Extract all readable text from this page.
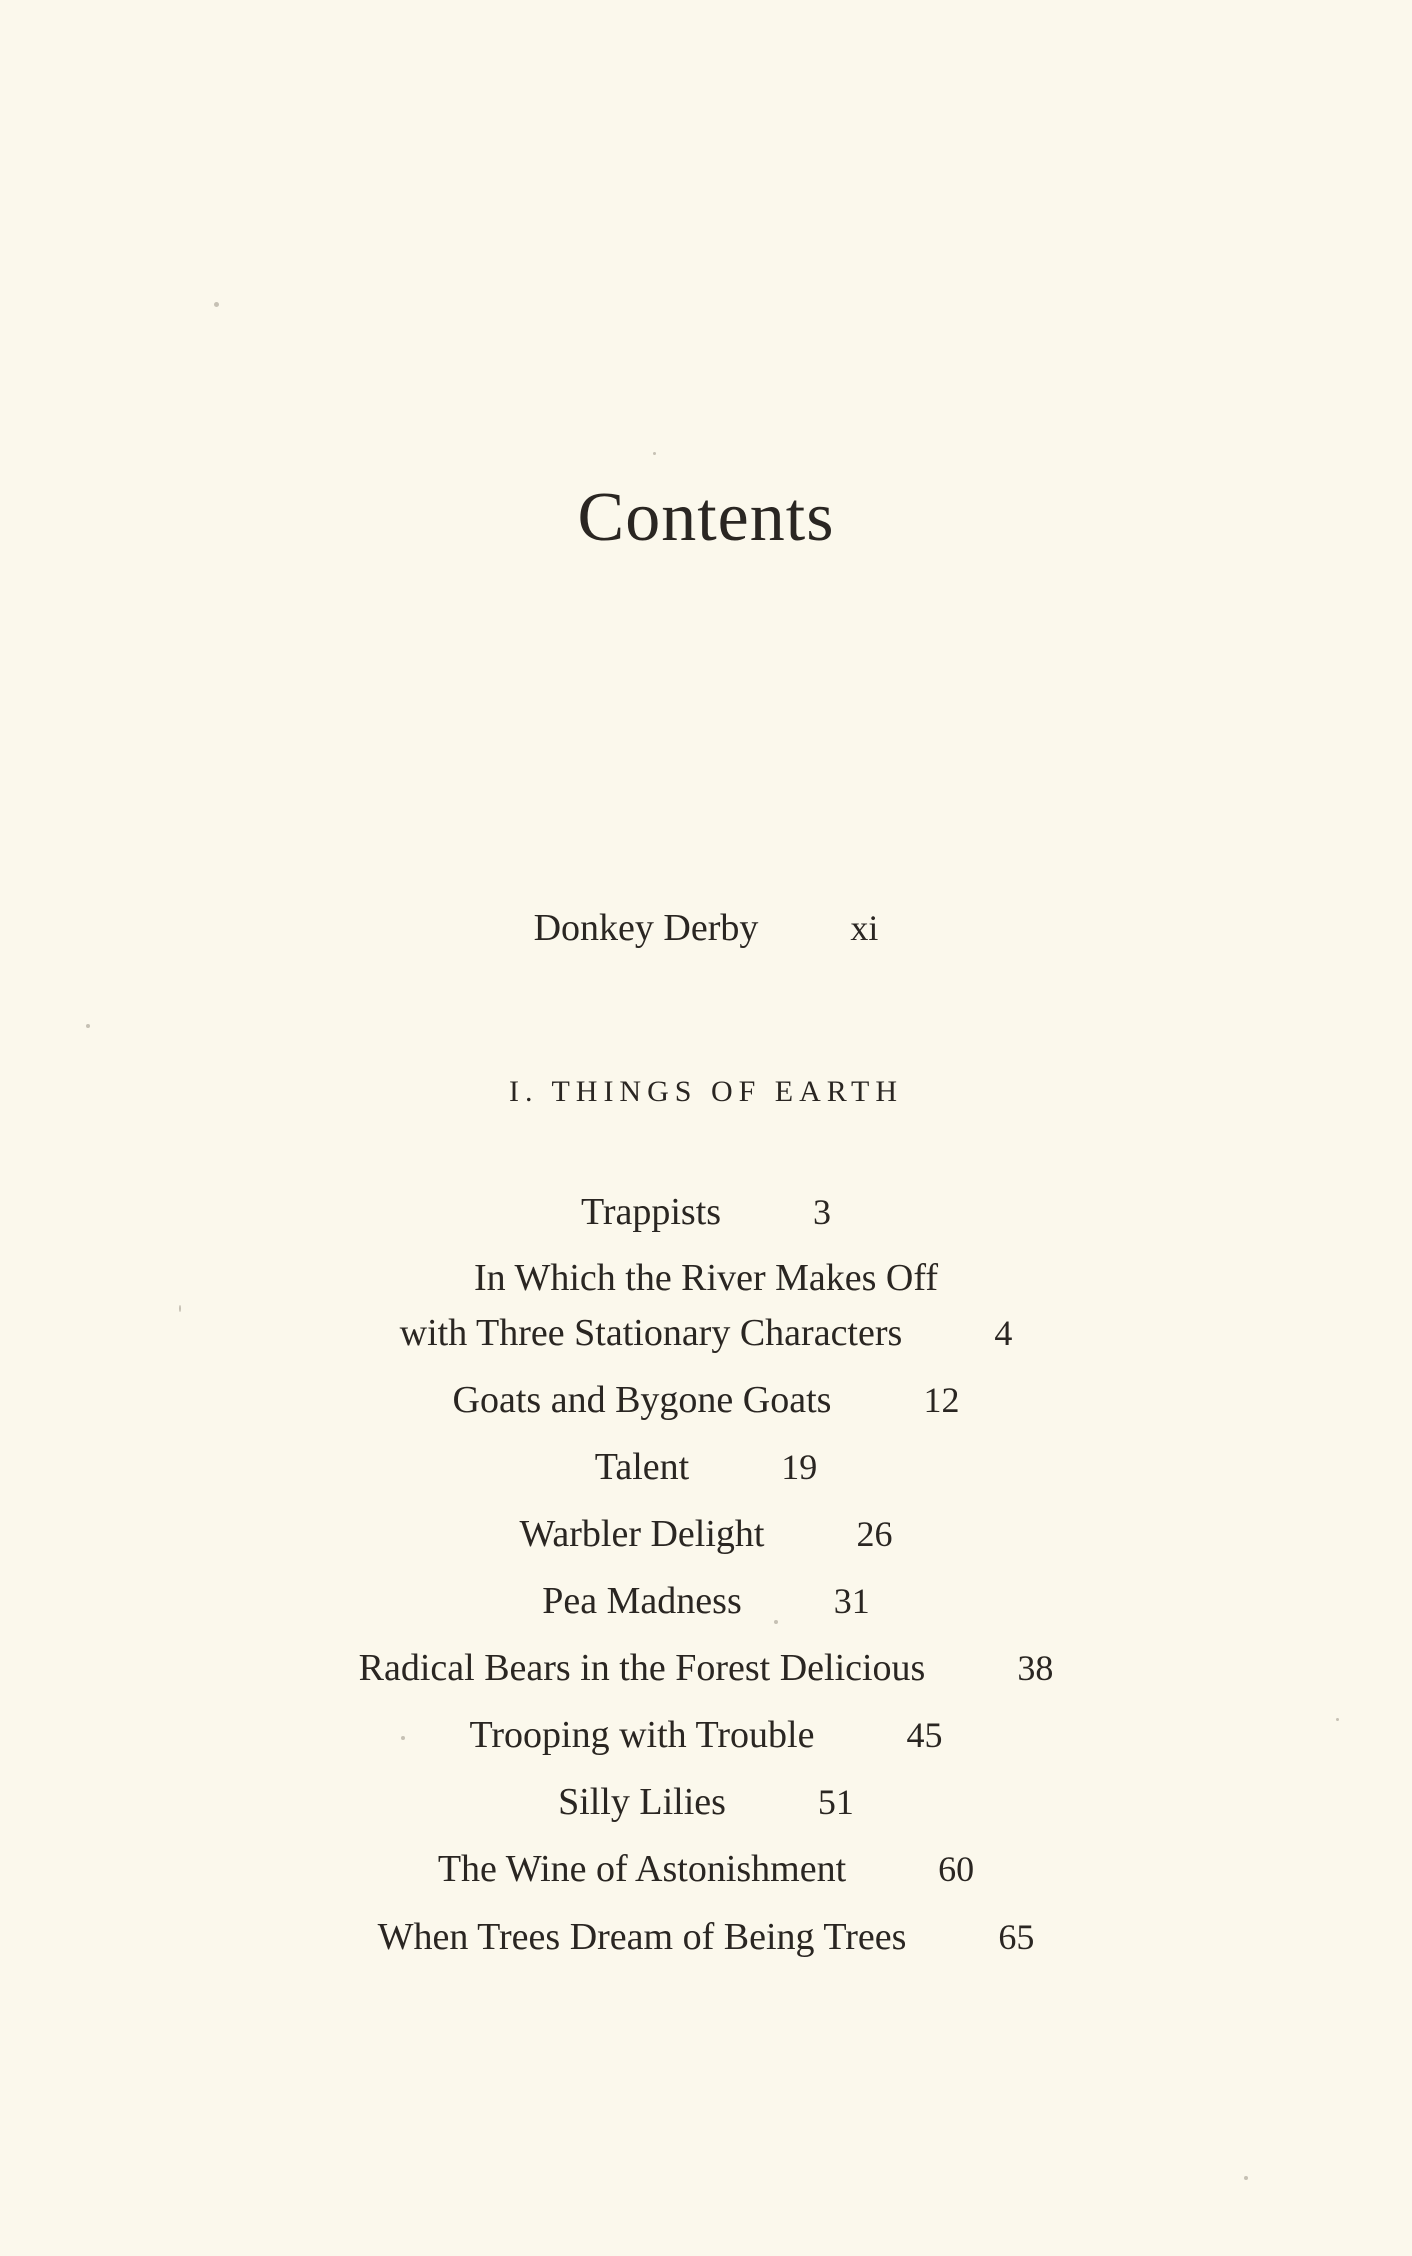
Contents
Donkey Derby	xi
I. THINGS OF EARTH
Trappists	3
In Which the River Makes Off
with Three Stationary Characters	4
Goats and Bygone Goats	12
Talent	19
Warbler Delight	26
Pea Madness	31
Radical Bears in the Forest Delicious	38
Trooping with Trouble	45
Silly Lilies	51
The Wine of Astonishment	60
When Trees Dream of Being Trees	65
